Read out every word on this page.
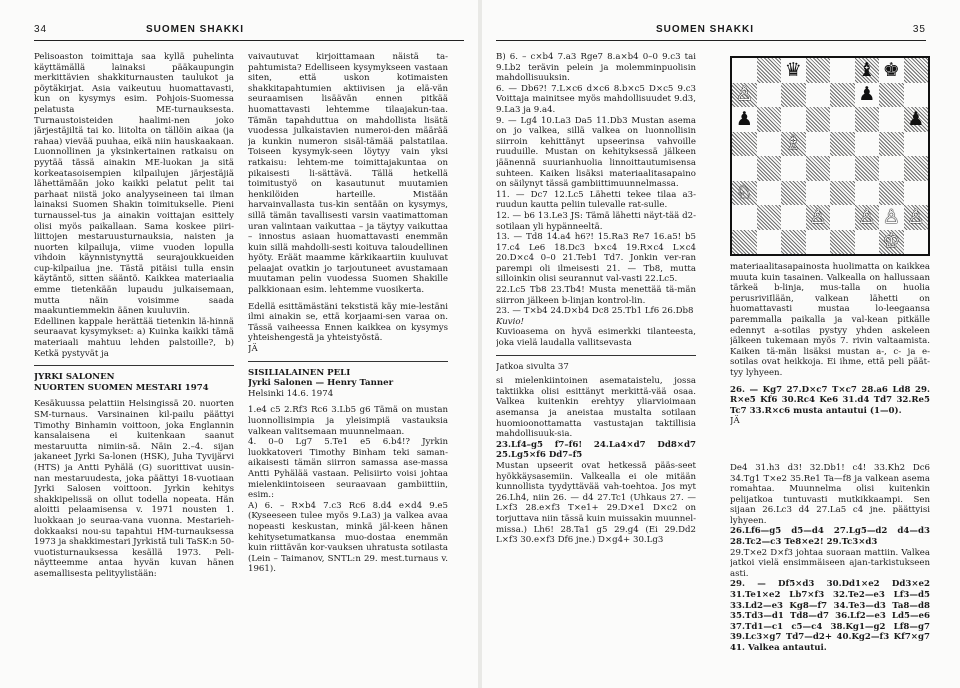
34	SUOMEN SHAKKI

Pelisoaston toimittaja saa kyllä puhelinta käyttämällä lainaksi pääkaupungin merkittävien shakkiturnausten taulukot ja pöytäkirjat. Asia vaikeutuu huomattavasti, kun on kysymys esim. Pohjois-Suomessa pelatusta ME-turnauksesta. Turnaustoisteiden haalimi-nen joko järjestäjiltä tai ko. liitolta on tällöin aikaa (ja rahaa) vievää puuhaa, eikä niin hauskaakaan. Luonnollinen ja yksinkertainen ratkaisu on pyytää tässä ainakin ME-luokan ja sitä korkeatasoisempien kilpailujen järjestäjiä lähettämään joko kaikki pelatut pelit tai parhaat niistä joko analyyseineen tai ilman lainaksi Suomen Shakin toimitukselle. Pieni turnaussel-tus ja ainakin voittajan esittely olisi myös paikallaan. Sama koskee piiri-liittojen mestaruusturnauksia, naisten ja nuorten kilpailuja, viime vuoden lopulla vihdoin käynnistynyttä seurajoukkueiden cup-kilpailua jne. Tästä pitäisi tulla ensin käytäntö, sitten sääntö. Kaikkea materiaalia emme tietenkään lupaudu julkaisemaan, mutta näin voisimme saada maakuntiemmekin äänen kuuluviin.

Edellinen kappale herättää tietenkin lä-hinnä seuraavat kysymykset: a) Kuinka kaikki tämä materiaali mahtuu lehden palstoille?, b) Ketkä pystyvät ja

JYRKI SALONEN

NUORTEN SUOMEN MESTARI 1974

Kesäkuussa pelattiin Helsingissä 20. nuorten SM-turnaus. Varsinainen kil-pailu päättyi Timothy Binhamin voittoon, joka Englannin kansalaisena ei kuitenkaan saanut mestaruutta nimiin-sä. Näin 2.–4. sijan jakaneet Jyrki Sa-lonen (HSK), Juha Tyvijärvi (HTS) ja Antti Pyhälä (G) suorittivat uusin-nan mestaruudesta, joka päättyi 18-vuotiaan Jyrki Salosen voittoon. Jyrkin kehitys shakkipelissä on ollut todella nopeata. Hän aloitti pelaamisensa v. 1971 nousten 1. luokkaan jo seuraa-vana vuonna. Mestariehdokkaaksi nou-su tapahtui HM-turnauksessa 1973 ja shakkimestari Jyrkistä tuli TaSK:n 50-vuotisturnauksessa kesällä 1973. Peli-näytteemme antaa hyvän kuvan hänen asemallisesta pelityylistään:

vaivautuvat kirjoittamaan näistä ta-pahtumista? Edelliseen kysymykseen vastaan siten, että uskon kotimaisten shakkitapahtumien aktiivisen ja elä-vän seuraamisen lisäävän ennen pitkää huomattavasti lehtemme tilaajakun-taa. Tämän tapahduttua on mahdollista lisätä vuodessa julkaistavien numeroi-den määrää ja kunkin numeron sisäl-tämää palstatilaa. Toiseen kysymyk-seen löytyy vain yksi ratkaisu: lehtem-me toimittajakuntaa on pikaisesti li-sättävä. Tällä hetkellä toimitustyö on kasautunut muutamien henkilöiden harteille. Mistään harvainvallasta tus-kin sentään on kysymys, sillä tämän tavallisesti varsin vaatimattoman uran valintaan vaikuttaa – ja täytyy vaikuttaa – innostus asiaan huomattavasti enemmän kuin sillä mahdolli-sesti koituva taloudellinen hyöty. Eräät maamme kärkikaartiin kuuluvat pelaajat ovatkin jo tarjoutuneet avustamaan muutaman pelin vuodessa Suomen Shakille palkkionaan esim. lehtemme vuosikerta.

Edellä esittämästäni tekstistä käy mie-lestäni ilmi ainakin se, että korjaami-sen varaa on. Tässä vaiheessa Ennen kaikkea on kysymys yhteishengestä ja yhteistyöstä.

JÄ

SISILIALAINEN PELI

Jyrki Salonen — Henry Tanner

Helsinki 14.6. 1974

1.e4 c5 2.Rf3 Rc6 3.Lb5 g6 Tämä on mustan luonnollisimpia ja yleisimpiä vastauksia valkean valitsemaan muunnelmaan.

4. 0–0 Lg7 5.Te1 e5 6.b4!? Jyrkin luokkatoveri Timothy Binham teki saman-aikaisesti tämän siirron samassa ase-massa Antti Pyhälää vastaan. Pelisiirto voisi johtaa mielenkiintoiseen seuraavaan gambiittiin, esim.:

A) 6. – R×b4 7.c3 Rc6 8.d4 e×d4 9.e5 (Kyseeseen tulee myös 9.La3) ja valkea avaa nopeasti keskustan, minkä jäl-keen hänen kehitysetumatkansa muo-dostaa enemmän kuin riittävän kor-vauksen uhratusta sotilasta (Lein – Taimanov, SNTL:n 29. mest.turnaus v. 1961).

SUOMEN SHAKKI	35

B) 6. – c×b4 7.a3 Rge7 8.a×b4 0–0 9.c3 tai 9.Lb2 terävin pelein ja molemminpuolisin mahdollisuuksin.

6. — Db6?! 7.L×c6 d×c6 8.b×c5 D×c5 9.c3 Voittaja mainitsee myös mahdollisuudet 9.d3, 9.La3 ja 9.a4.

9. — Lg4 10.La3 Da5 11.Db3 Mustan asema on jo valkea, sillä valkea on luonnollisin siirroin kehittänyt upseerinsa vahvoille ruuduille. Mustan on kehityksessä jälkeen jäänennä suurianhuolia linnoittautumisensa suhteen. Kaiken lisäksi materiaalitasapaino on säilynyt tässä gambiittimuunnelmassa.

11. — Dc7 12.Lc5 Lähetti tekee tilaa a3-ruudun kautta peliin tulevalle rat-sulle.

12. — b6 13.Le3 JS: Tämä lähetti näyt-tää d2-sotilaan yli hypänneeltä.

13. — Td8 14.a4 h6?! 15.Ra3 Re7 16.a5! b5 17.c4 Le6 18.Dc3 b×c4 19.R×c4 L×c4 20.D×c4 0–0 21.Teb1 Td7. Jonkin ver-ran parempi oli ilmeisesti 21. — Tb8, mutta silloinkin olisi seurannut val-vasti 22.Lc5.

22.Lc5 Tb8 23.Tb4! Musta menettää tä-män siirron jälkeen b-linjan kontrol-lin.

23. — T×b4 24.D×b4 Dc8 25.Tb1 Lf6 26.Db8

Kuvio!

Kuvioasema on hyvä esimerkki tilanteesta, joka vielä laudalla vallitsevasta

Jatkoa sivulta 37

si mielenkiintoinen asemataistelu, jossa taktiikka olisi esittänyt merkittä-vää osaa. Valkea kuitenkin erehtyy yliarvioimaan asemansa ja aneistaa mustalta sotilaan huomioonottamatta vastustajan taktillisia mahdollisuuk-sia.

23.Lf4–g5 f7–f6! 24.La4×d7 Dd8×d7 25.Lg5×f6 Dd7–f5

Mustan upseerit ovat hetkessä pääs-seet hyökkäysasemiin. Valkealla ei ole mitään kunnollista tyydyttävää vah-toehtoa. Jos myt 26.Lh4, niin 26. — d4 27.Tc1 (Uhkaus 27. — L×f3 28.e×f3 T×e1+ 29.D×e1 D×c2 on torjuttava niin tässä kuin muissakin muunnel-missa.) Lh6! 28.Ta1 g5 29.g4 (Ei 29.Dd2 L×f3 30.e×f3 Df6 jne.) D×g4+ 30.Lg3

♛	♝ ♚
♙	♟
♟	♟
♗
♘
♙ ♙ ♙ ♙
♔

materiaalitasapainosta huolimatta on kaikkea muuta kuin tasainen. Valkealla on hallussaan tärkeä b-linja, mus-talla on huolia perusriviIlään, valkean lähetti on huomattavasti mustaa lo-leegaansa paremmalla paikalla ja val-kean pitkälle edennyt a-sotilas pystyy yhden askeleen jälkeen tukemaan myös 7. rivin valtaamista. Kaiken tä-män lisäksi mustan a-, c- ja e-sotilas ovat heikkoja. Ei ihme, että peli päät-tyy lyhyeen.

26. — Kg7 27.D×c7 T×c7 28.a6 Ld8 29. R×e5 Kf6 30.Rc4 Ke6 31.d4 Td7 32.Re5 Tc7 33.R×c6 musta antautui (1—0).

JÄ

De4 31.h3 d3! 32.Db1! c4! 33.Kh2 Dc6 34.Tg1 T×e2 35.Re1 Ta—f8 ja valkean asema romahtaa. Muunnelma olisi kuitenkin pelijatkoa tuntuvasti mutkikkaampi. Sen sijaan 26.Lc3 d4 27.La5 c4 jne. päättyisi lyhyeen.

26.Lf6—g5 d5—d4 27.Lg5—d2 d4—d3 28.Tc2—c3 Te8×e2! 29.Tc3×d3

29.T×e2 D×f3 johtaa suoraan mattiin. Valkea jatkoi vielä ensimmäiseen ajan-tarkistukseen asti.

29. — Df5×d3 30.Dd1×e2 Dd3×e2 31.Te1×e2 Lb7×f3 32.Te2—e3 Lf3—d5 33.Ld2—e3 Kg8—f7 34.Te3—d3 Ta8—d8 35.Td3—d1 Td8—d7 36.Lf2—e3 Ld5—e6 37.Td1—c1 c5—c4 38.Kg1—g2 Lf8—g7 39.Lc3×g7 Td7—d2+ 40.Kg2—f3 Kf7×g7 41. Valkea antautui.
